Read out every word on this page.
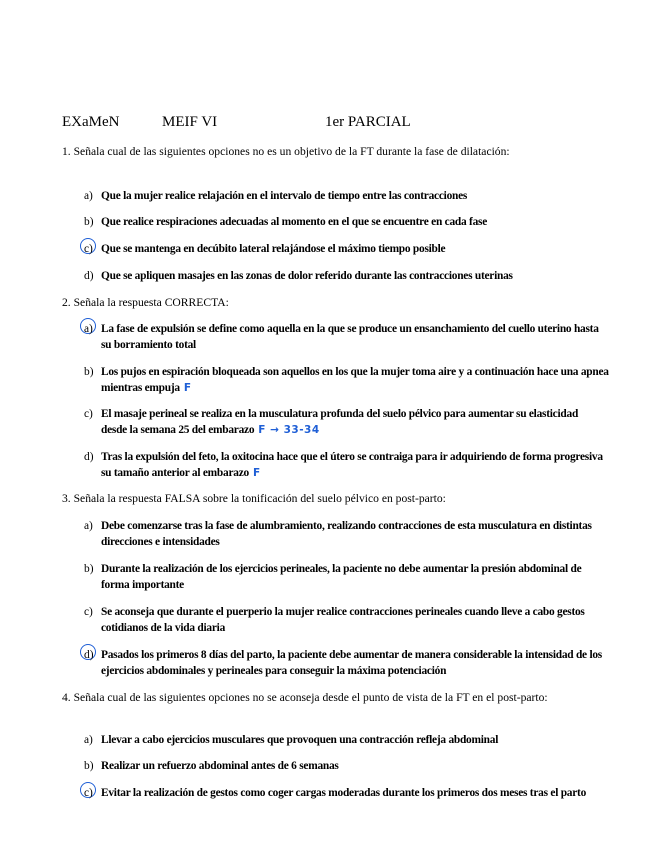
EXaMeN	MEIF VI	1er PARCIAL
1. Señala cual de las siguientes opciones no es un objetivo de la FT durante la fase de dilatación:
a) Que la mujer realice relajación en el intervalo de tiempo entre las contracciones
b) Que realice respiraciones adecuadas al momento en el que se encuentre en cada fase
c) Que se mantenga en decúbito lateral relajándose el máximo tiempo posible
d) Que se apliquen masajes en las zonas de dolor referido durante las contracciones uterinas
2. Señala la respuesta CORRECTA:
a) La fase de expulsión se define como aquella en la que se produce un ensanchamiento del cuello uterino hasta su borramiento total
b) Los pujos en espiración bloqueada son aquellos en los que la mujer toma aire y a continuación hace una apnea mientras empuja F
c) El masaje perineal se realiza en la musculatura profunda del suelo pélvico para aumentar su elasticidad desde la semana 25 del embarazo F → 33-34
d) Tras la expulsión del feto, la oxitocina hace que el útero se contraiga para ir adquiriendo de forma progresiva su tamaño anterior al embarazo F
3. Señala la respuesta FALSA sobre la tonificación del suelo pélvico en post-parto:
a) Debe comenzarse tras la fase de alumbramiento, realizando contracciones de esta musculatura en distintas direcciones e intensidades
b) Durante la realización de los ejercicios perineales, la paciente no debe aumentar la presión abdominal de forma importante
c) Se aconseja que durante el puerperio la mujer realice contracciones perineales cuando lleve a cabo gestos cotidianos de la vida diaria
d) Pasados los primeros 8 días del parto, la paciente debe aumentar de manera considerable la intensidad de los ejercicios abdominales y perineales para conseguir la máxima potenciación
4. Señala cual de las siguientes opciones no se aconseja desde el punto de vista de la FT en el post-parto:
a) Llevar a cabo ejercicios musculares que provoquen una contracción refleja abdominal
b) Realizar un refuerzo abdominal antes de 6 semanas
c) Evitar la realización de gestos como coger cargas moderadas durante los primeros dos meses tras el parto
